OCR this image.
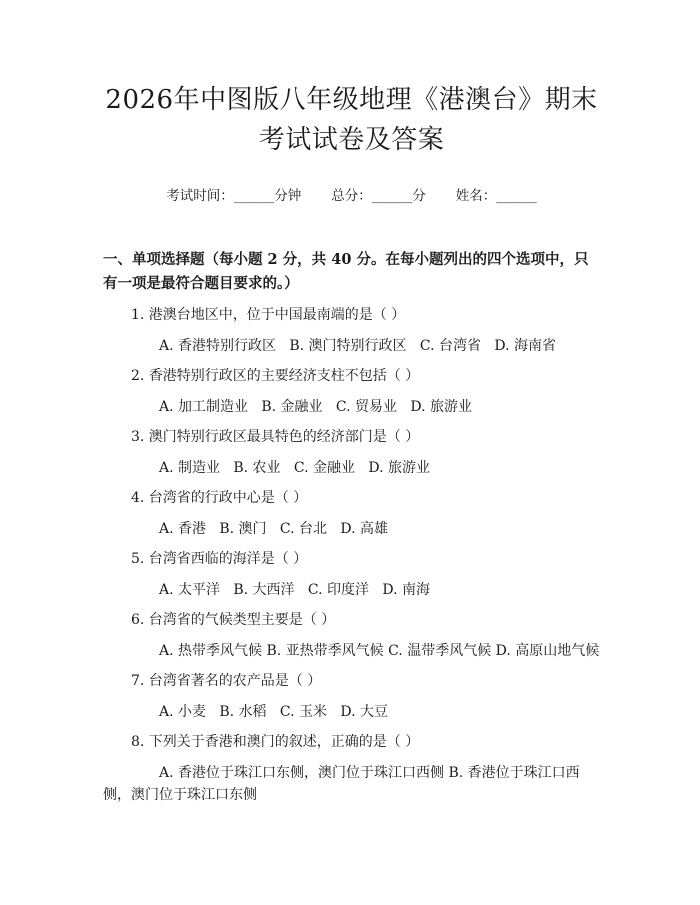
2026年中图版八年级地理《港澳台》期末考试试卷及答案
考试时间：______分钟 总分：______分 姓名：______
一、单项选择题（每小题 2 分，共 40 分。在每小题列出的四个选项中，只有一项是最符合题目要求的。）
1. 港澳台地区中，位于中国最南端的是（ ）
A. 香港特别行政区   B. 澳门特别行政区   C. 台湾省   D. 海南省
2. 香港特别行政区的主要经济支柱不包括（ ）
A. 加工制造业   B. 金融业   C. 贸易业   D. 旅游业
3. 澳门特别行政区最具特色的经济部门是（ ）
A. 制造业   B. 农业   C. 金融业   D. 旅游业
4. 台湾省的行政中心是（ ）
A. 香港   B. 澳门   C. 台北   D. 高雄
5. 台湾省西临的海洋是（ ）
A. 太平洋   B. 大西洋   C. 印度洋   D. 南海
6. 台湾省的气候类型主要是（ ）
A. 热带季风气候 B. 亚热带季风气候 C. 温带季风气候 D. 高原山地气候
7. 台湾省著名的农产品是（ ）
A. 小麦   B. 水稻   C. 玉米   D. 大豆
8. 下列关于香港和澳门的叙述，正确的是（ ）
A. 香港位于珠江口东侧，澳门位于珠江口西侧 B. 香港位于珠江口西侧，澳门位于珠江口东侧
